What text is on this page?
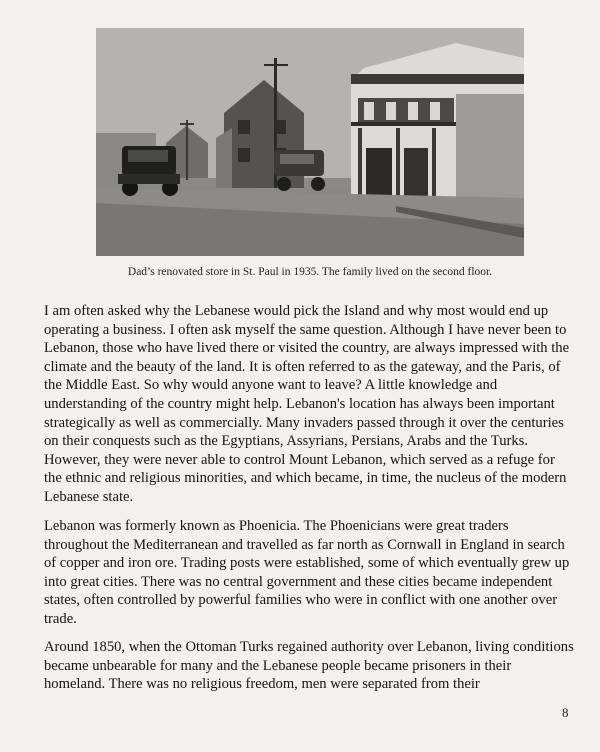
Dad’s renovated store in St. Paul in 1935. The family lived on the second floor.

I am often asked why the Lebanese would pick the Island and why most would end up operating a business. I often ask myself the same question. Although I have never been to Lebanon, those who have lived there or visited the country, are always impressed with the climate and the beauty of the land. It is often referred to as the gateway, and the Paris, of the Middle East. So why would anyone want to leave? A little knowledge and understanding of the country might help. Lebanon's location has always been important strategically as well as commercially. Many invaders passed through it over the centuries on their conquests such as the Egyptians, Assyrians, Persians, Arabs and the Turks. However, they were never able to control Mount Lebanon, which served as a refuge for the ethnic and religious minorities, and which became, in time, the nucleus of the modern Lebanese state.

Lebanon was formerly known as Phoenicia. The Phoenicians were great traders throughout the Mediterranean and travelled as far north as Cornwall in England in search of copper and iron ore. Trading posts were established, some of which eventually grew up into great cities. There was no central government and these cities became independent states, often controlled by powerful families who were in conflict with one another over trade.

Around 1850, when the Ottoman Turks regained authority over Lebanon, living conditions became unbearable for many and the Lebanese people became prisoners in their homeland. There was no religious freedom, men were separated from their

8
